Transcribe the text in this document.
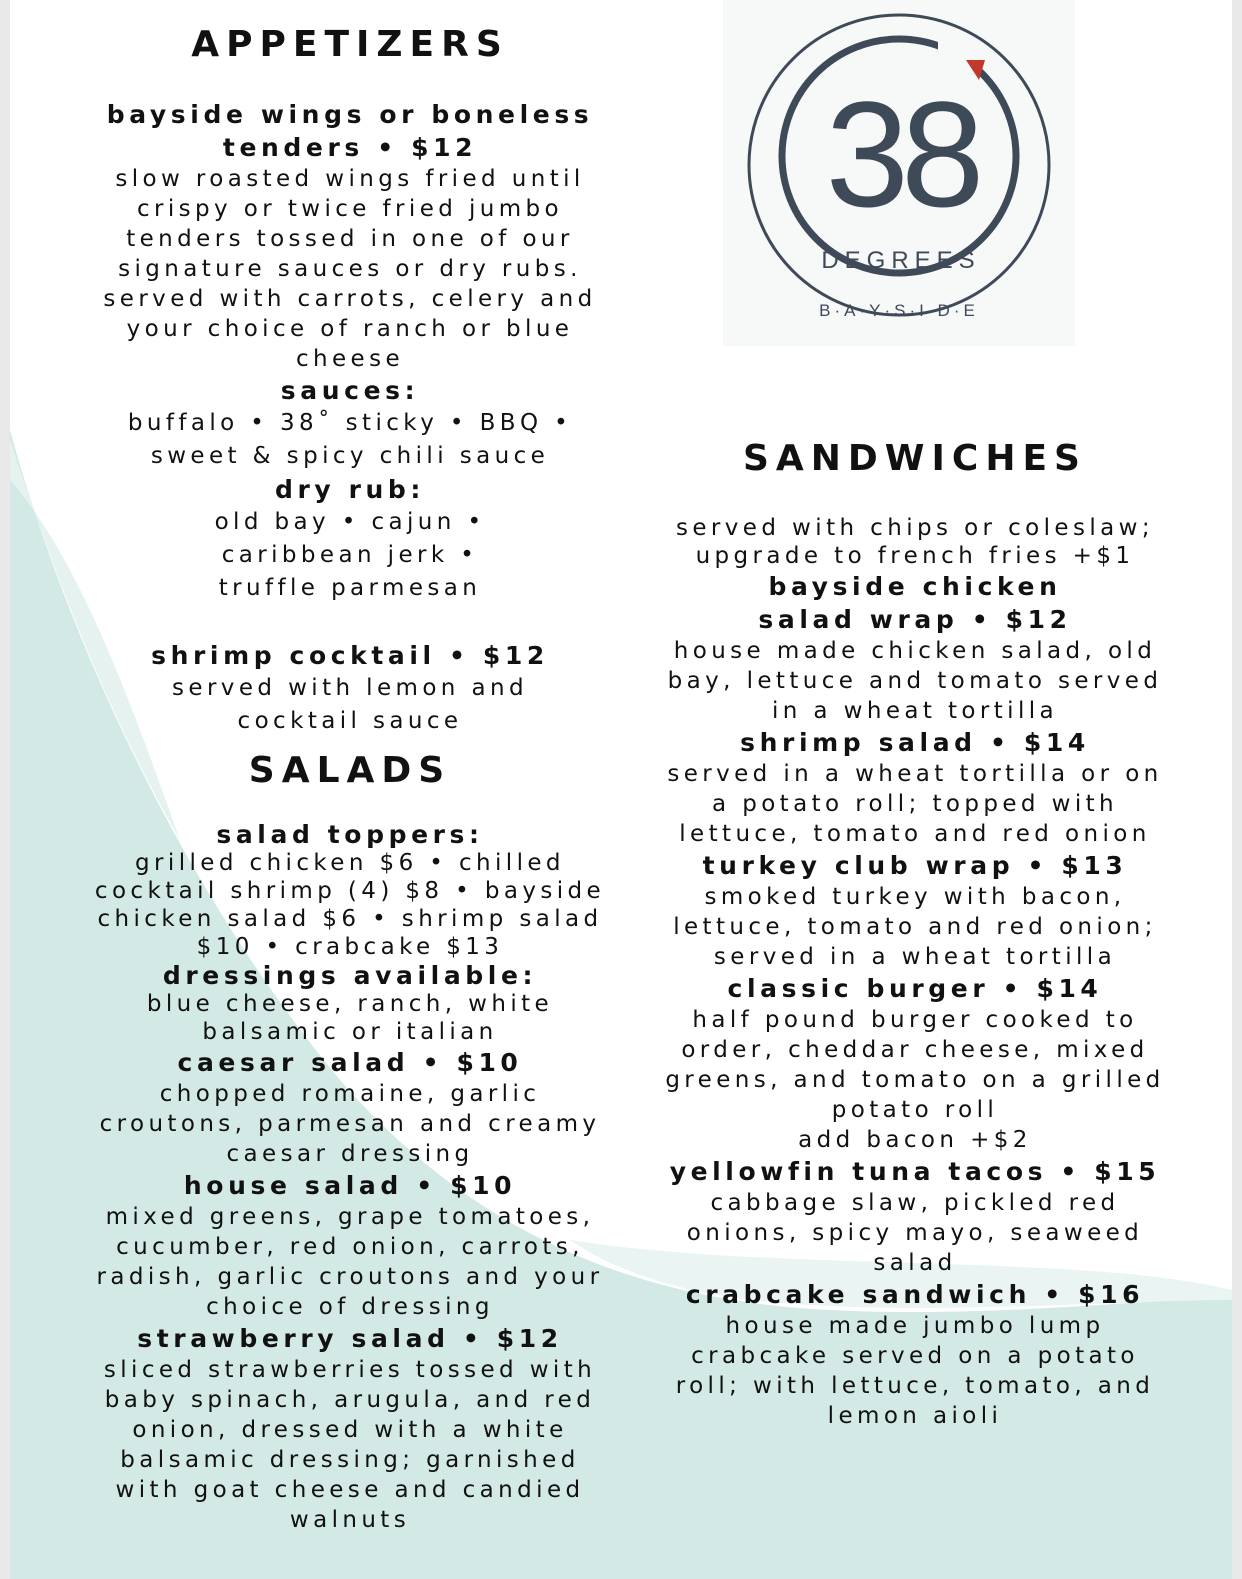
APPETIZERS
bayside wings or boneless
tenders • $12
slow roasted wings fried until
crispy or twice fried jumbo
tenders tossed in one of our
signature sauces or dry rubs.
served with carrots, celery and
your choice of ranch or blue
cheese
sauces:
buffalo • 38˚ sticky • BBQ •
sweet & spicy chili sauce
dry rub:
old bay • cajun •
caribbean jerk •
truffle parmesan
shrimp cocktail • $12
served with lemon and
cocktail sauce
SALADS
salad toppers:
grilled chicken $6 • chilled
cocktail shrimp (4) $8 • bayside
chicken salad $6 • shrimp salad
$10 • crabcake $13
dressings available:
blue cheese, ranch, white
balsamic or italian
caesar salad • $10
chopped romaine, garlic
croutons, parmesan and creamy
caesar dressing
house salad • $10
mixed greens, grape tomatoes,
cucumber, red onion, carrots,
radish, garlic croutons and your
choice of dressing
strawberry salad • $12
sliced strawberries tossed with
baby spinach, arugula, and red
onion, dressed with a white
balsamic dressing; garnished
with goat cheese and candied
walnuts
38
DEGREES
B·A·Y·S·I·D·E
SANDWICHES
served with chips or coleslaw;
upgrade to french fries +$1
bayside chicken
salad wrap • $12
house made chicken salad, old
bay, lettuce and tomato served
in a wheat tortilla
shrimp salad • $14
served in a wheat tortilla or on
a potato roll; topped with
lettuce, tomato and red onion
turkey club wrap • $13
smoked turkey with bacon,
lettuce, tomato and red onion;
served in a wheat tortilla
classic burger • $14
half pound burger cooked to
order, cheddar cheese, mixed
greens, and tomato on a grilled
potato roll
add bacon +$2
yellowfin tuna tacos • $15
cabbage slaw, pickled red
onions, spicy mayo, seaweed
salad
crabcake sandwich • $16
house made jumbo lump
crabcake served on a potato
roll; with lettuce, tomato, and
lemon aioli
